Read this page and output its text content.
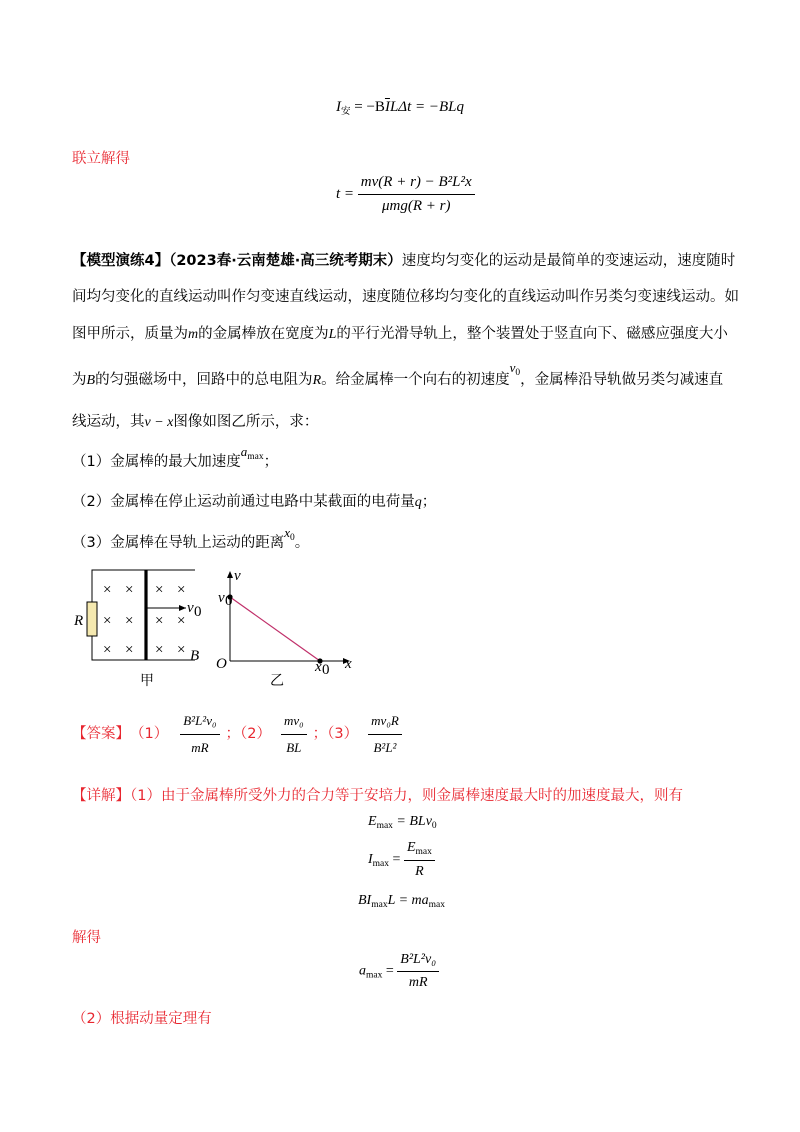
$I_安 = -B\overline{I}L\Delta t = -BLq$
联立解得
$t = \frac{\text{mv(R + r) − B²L²x}}{\text{μmg(R + r)}}$
【模型演练4】（2023春·云南楚雄·高三统考期末）速度均匀变化的运动是最简单的变速运动，速度随时
间均匀变化的直线运动叫作匀变速直线运动，速度随位移均匀变化的直线运动叫作另类匀变速线运动。如
图甲所示，质量为m的金属棒放在宽度为L的平行光滑导轨上，整个装置处于竖直向下、磁感应强度大小
为B的匀强磁场中，回路中的总电阻为R。给金属棒一个向右的初速度$v_0$，金属棒沿导轨做另类匀减速直
线运动，其v − x图像如图乙所示，求：
（1）金属棒的最大加速度$a_{max}$；
（2）金属棒在停止运动前通过电路中某截面的电荷量q；
（3）金属棒在导轨上运动的距离$x_0$。
× × × ×
× × × ×
× × × ×
v 0
R
B
甲
v
x
O
v 0
x 0
乙
【答案】 $(1) \frac{\text{B²L²v₀}}{mR}$ ；$(2) \frac{\text{mv₀}}{BL}$ ；$(3) \frac{\text{mv₀R}}{\text{B²L²}}$
【详解】（1）由于金属棒所受外力的合力等于安培力，则金属棒速度最大时的加速度最大，则有
$E_{max} = BLv_0$
$I_{max} = \frac{E_{max}}{R}$
$BI_{max}L = ma_{max}$
解得
$a_{max} = \frac{\text{B²L²v₀}}{mR}$
（2）根据动量定理有
